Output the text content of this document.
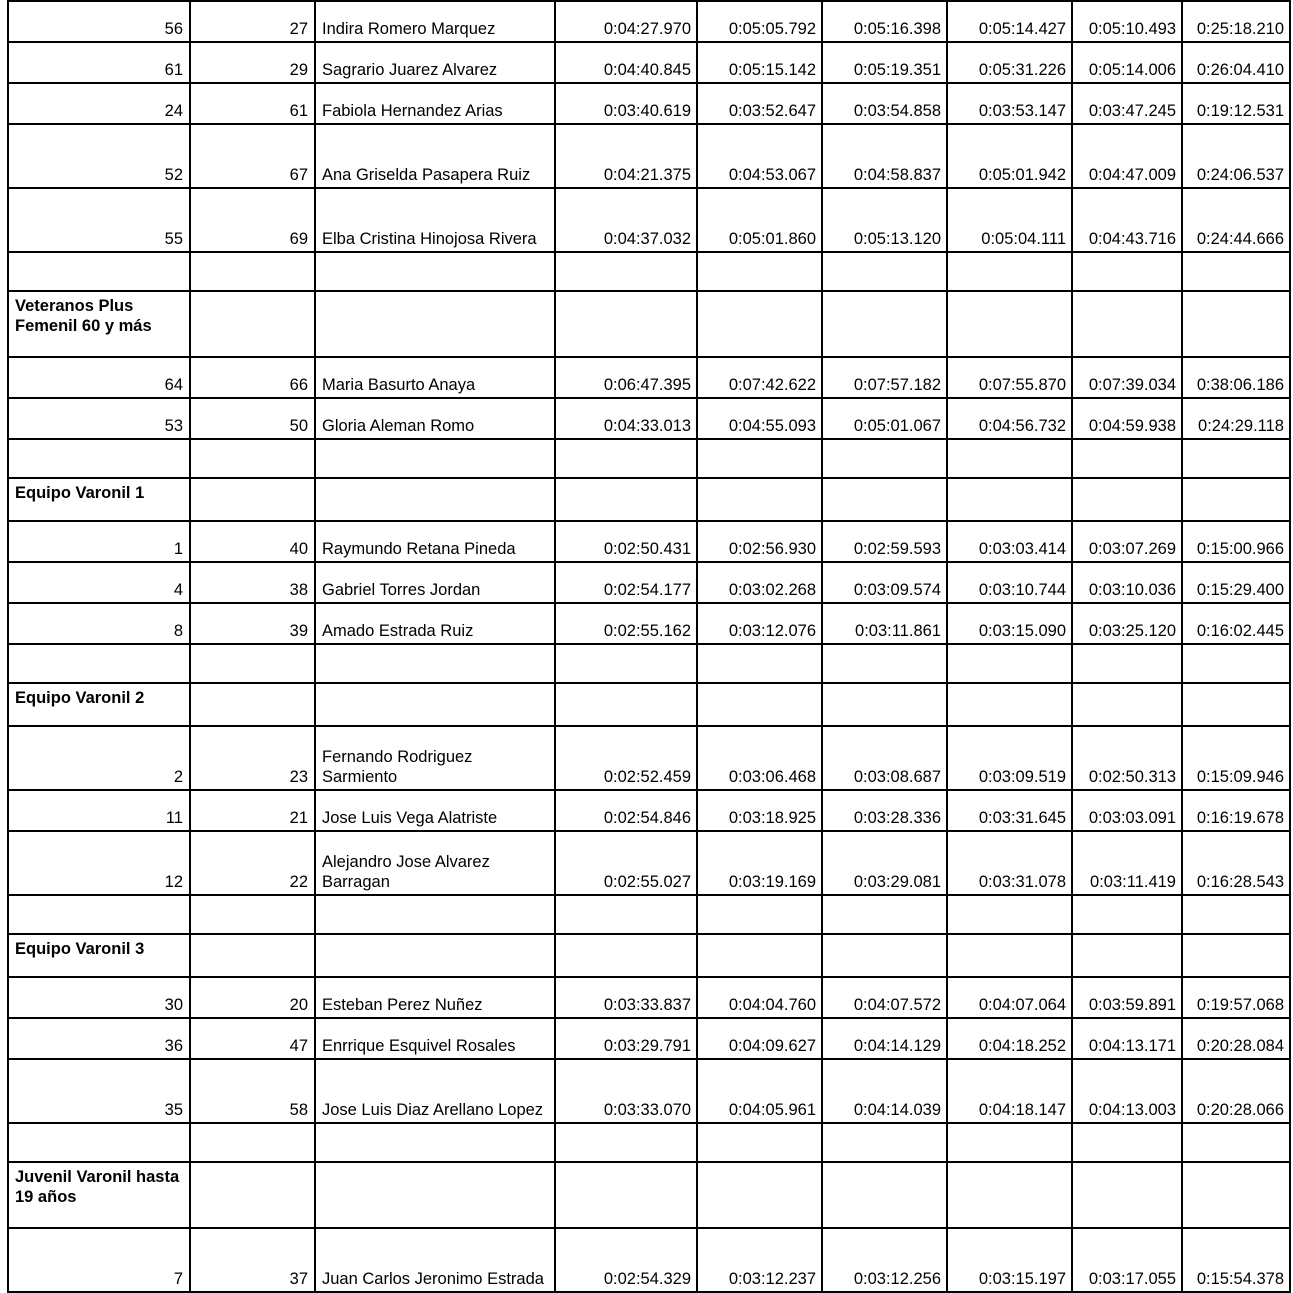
56	27	Indira Romero Marquez	0:04:27.970	0:05:05.792	0:05:16.398	0:05:14.427	0:05:10.493	0:25:18.210
61	29	Sagrario Juarez Alvarez	0:04:40.845	0:05:15.142	0:05:19.351	0:05:31.226	0:05:14.006	0:26:04.410
24	61	Fabiola Hernandez Arias	0:03:40.619	0:03:52.647	0:03:54.858	0:03:53.147	0:03:47.245	0:19:12.531
52	67	Ana Griselda Pasapera Ruiz	0:04:21.375	0:04:53.067	0:04:58.837	0:05:01.942	0:04:47.009	0:24:06.537
55	69	Elba Cristina Hinojosa Rivera	0:04:37.032	0:05:01.860	0:05:13.120	0:05:04.111	0:04:43.716	0:24:44.666

Veteranos Plus Femenil 60 y más								
64	66	Maria Basurto Anaya	0:06:47.395	0:07:42.622	0:07:57.182	0:07:55.870	0:07:39.034	0:38:06.186
53	50	Gloria Aleman Romo	0:04:33.013	0:04:55.093	0:05:01.067	0:04:56.732	0:04:59.938	0:24:29.118

Equipo Varonil 1								
1	40	Raymundo Retana Pineda	0:02:50.431	0:02:56.930	0:02:59.593	0:03:03.414	0:03:07.269	0:15:00.966
4	38	Gabriel Torres Jordan	0:02:54.177	0:03:02.268	0:03:09.574	0:03:10.744	0:03:10.036	0:15:29.400
8	39	Amado Estrada Ruiz	0:02:55.162	0:03:12.076	0:03:11.861	0:03:15.090	0:03:25.120	0:16:02.445

Equipo Varonil 2								
2	23	Fernando Rodriguez Sarmiento	0:02:52.459	0:03:06.468	0:03:08.687	0:03:09.519	0:02:50.313	0:15:09.946
11	21	Jose Luis Vega Alatriste	0:02:54.846	0:03:18.925	0:03:28.336	0:03:31.645	0:03:03.091	0:16:19.678
12	22	Alejandro Jose Alvarez Barragan	0:02:55.027	0:03:19.169	0:03:29.081	0:03:31.078	0:03:11.419	0:16:28.543

Equipo Varonil 3								
30	20	Esteban Perez Nuñez	0:03:33.837	0:04:04.760	0:04:07.572	0:04:07.064	0:03:59.891	0:19:57.068
36	47	Enrrique Esquivel Rosales	0:03:29.791	0:04:09.627	0:04:14.129	0:04:18.252	0:04:13.171	0:20:28.084
35	58	Jose Luis Diaz Arellano Lopez	0:03:33.070	0:04:05.961	0:04:14.039	0:04:18.147	0:04:13.003	0:20:28.066

Juvenil Varonil hasta 19 años								
7	37	Juan Carlos Jeronimo Estrada	0:02:54.329	0:03:12.237	0:03:12.256	0:03:15.197	0:03:17.055	0:15:54.378
